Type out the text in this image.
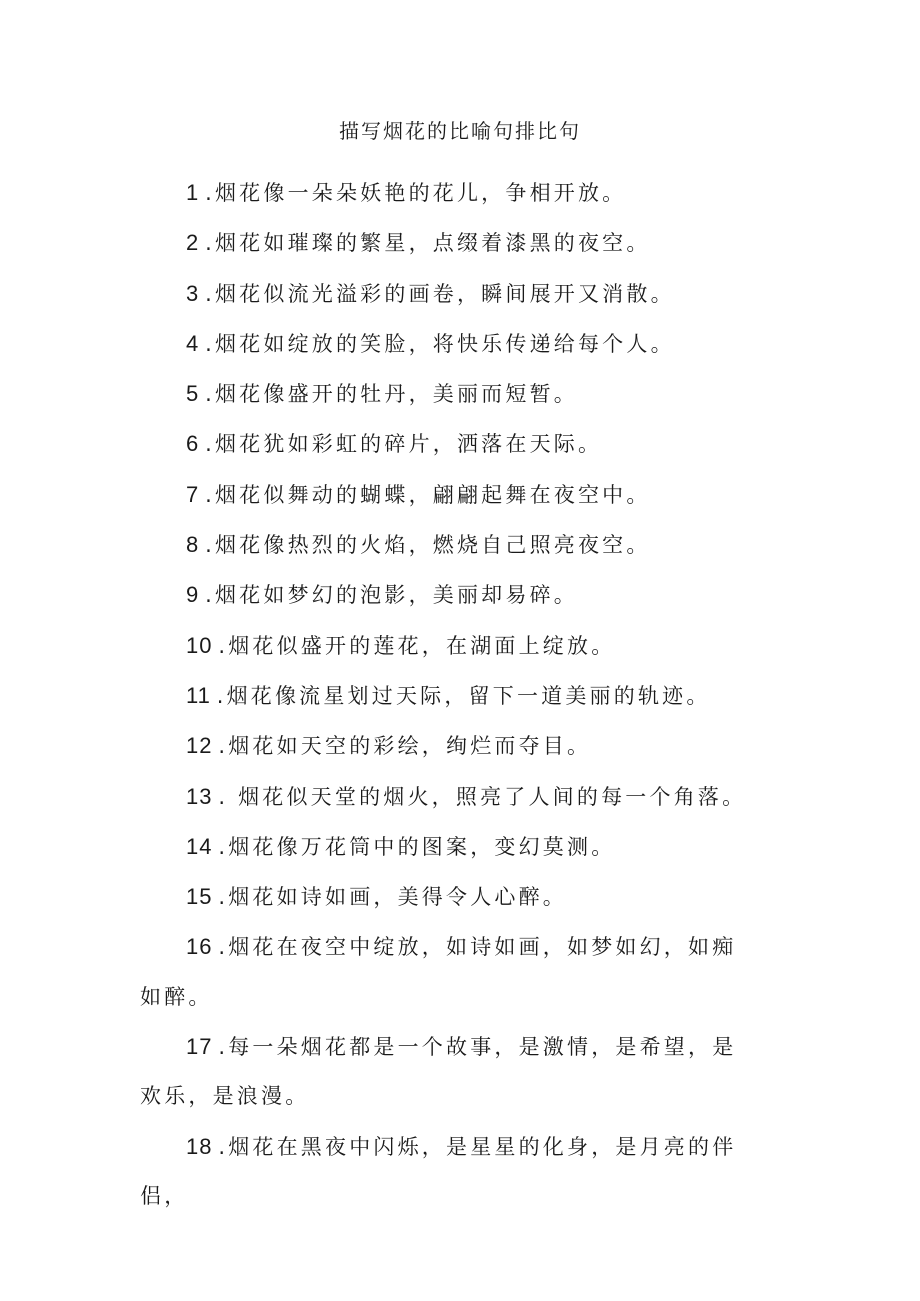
描写烟花的比喻句排比句

1 .烟花像一朵朵妖艳的花儿，争相开放。

2 .烟花如璀璨的繁星，点缀着漆黑的夜空。

3 .烟花似流光溢彩的画卷，瞬间展开又消散。

4 .烟花如绽放的笑脸，将快乐传递给每个人。

5 .烟花像盛开的牡丹，美丽而短暂。

6 .烟花犹如彩虹的碎片，洒落在天际。

7 .烟花似舞动的蝴蝶，翩翩起舞在夜空中。

8 .烟花像热烈的火焰，燃烧自己照亮夜空。

9 .烟花如梦幻的泡影，美丽却易碎。

10 .烟花似盛开的莲花，在湖面上绽放。

11 .烟花像流星划过天际，留下一道美丽的轨迹。

12 .烟花如天空的彩绘，绚烂而夺目。

13 . 烟花似天堂的烟火，照亮了人间的每一个角落。

14 .烟花像万花筒中的图案，变幻莫测。

15 .烟花如诗如画，美得令人心醉。

16 .烟花在夜空中绽放，如诗如画，如梦如幻，如痴如醉。

17 .每一朵烟花都是一个故事，是激情，是希望，是欢乐，是浪漫。

18 .烟花在黑夜中闪烁，是星星的化身，是月亮的伴侣，
